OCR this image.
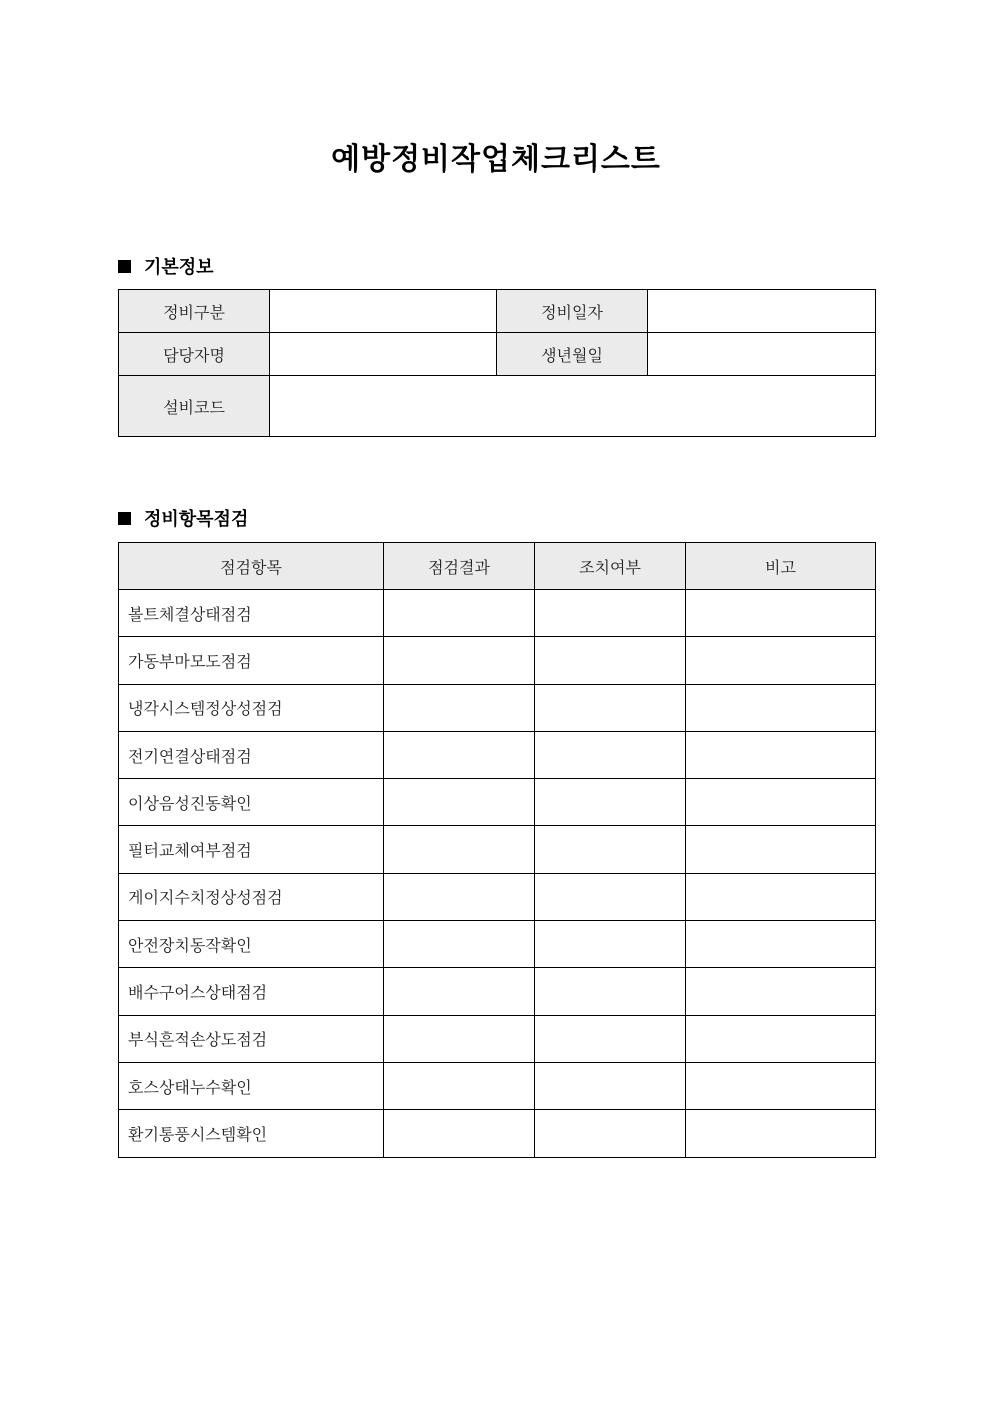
예방정비작업체크리스트
기본정보
정비구분		정비일자	
담당자명		생년월일	
설비코드			
정비항목점검
점검항목	점검결과	조치여부	비고
볼트체결상태점검			
가동부마모도점검			
냉각시스템정상성점검			
전기연결상태점검			
이상음성진동확인			
필터교체여부점검			
게이지수치정상성점검			
안전장치동작확인			
배수구어스상태점검			
부식흔적손상도점검			
호스상태누수확인			
환기통풍시스템확인			
